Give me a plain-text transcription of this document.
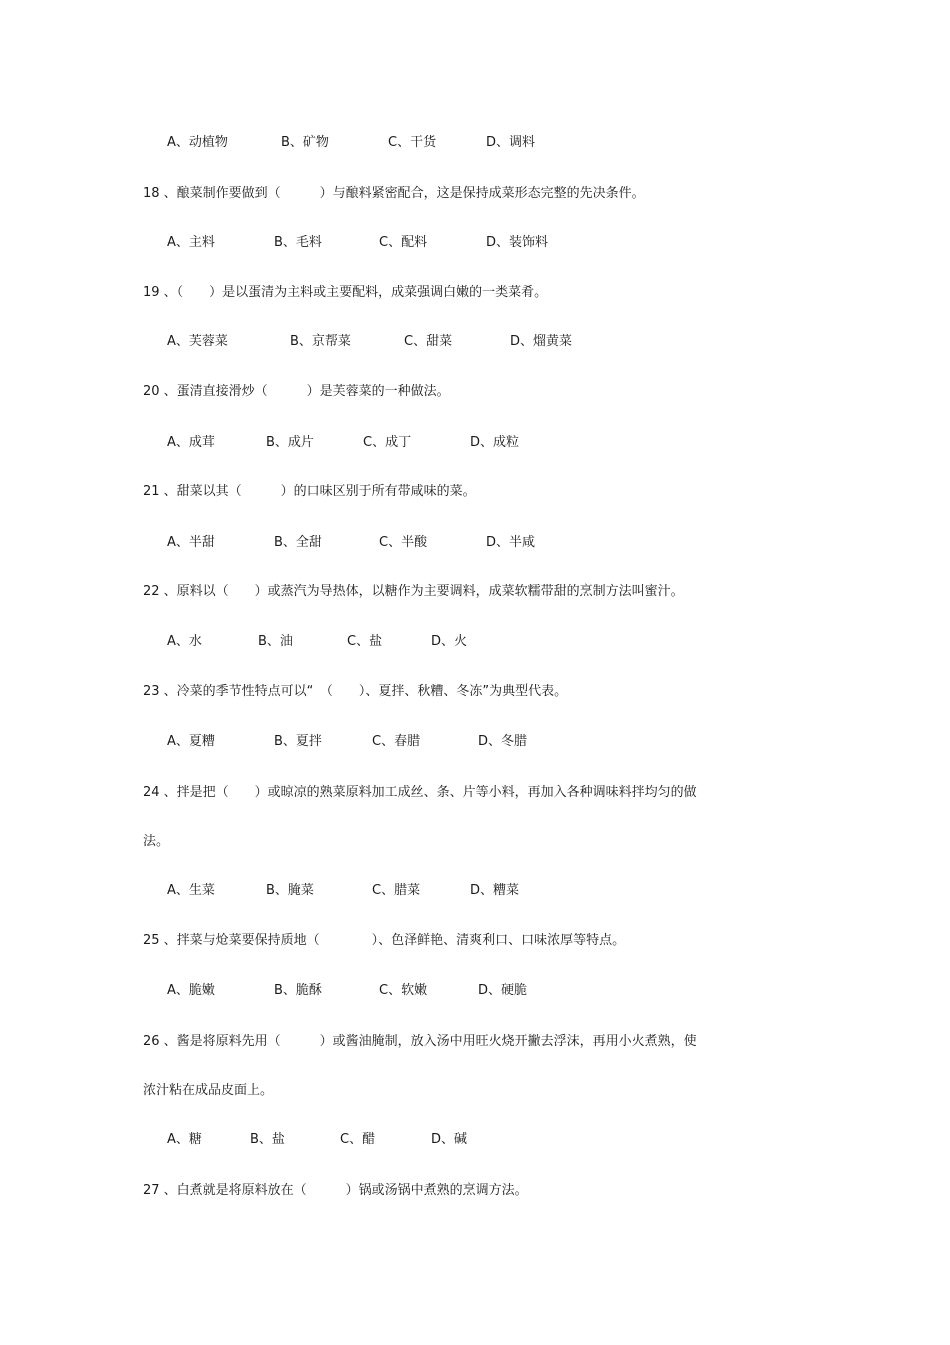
A、动植物	B、矿物	C、干货	D、调料
18 、酿菜制作要做到（　　　）与酿料紧密配合，这是保持成菜形态完整的先决条件。
A、主料	B、毛料	C、配料	D、装饰料
19 、（　　）是以蛋清为主料或主要配料，成菜强调白嫩的一类菜肴。
A、芙蓉菜	B、京帮菜	C、甜菜	D、熘黄菜
20 、蛋清直接滑炒（　　　）是芙蓉菜的一种做法。
A、成茸	B、成片	C、成丁	D、成粒
21 、甜菜以其（　　　）的口味区别于所有带咸味的菜。
A、半甜	B、全甜	C、半酸	D、半咸
22 、原料以（　　）或蒸汽为导热体，以糖作为主要调料，成菜软糯带甜的烹制方法叫蜜汁。
A、水	B、油	C、盐	D、火
23 、冷菜的季节性特点可以“　（　　）、夏拌、秋糟、冬冻”为典型代表。
A、夏糟	B、夏拌	C、春腊	D、冬腊
24 、拌是把（　　）或晾凉的熟菜原料加工成丝、条、片等小料，再加入各种调味料拌均匀的做
法。
A、生菜	B、腌菜	C、腊菜	D、糟菜
25 、拌菜与炝菜要保持质地（　　　　）、色泽鲜艳、清爽利口、口味浓厚等特点。
A、脆嫩	B、脆酥	C、软嫩	D、硬脆
26 、酱是将原料先用（　　　）或酱油腌制，放入汤中用旺火烧开撇去浮沫，再用小火煮熟，使
浓汁粘在成品皮面上。
A、糖	B、盐	C、醋	D、碱
27 、白煮就是将原料放在（　　　）锅或汤锅中煮熟的烹调方法。
